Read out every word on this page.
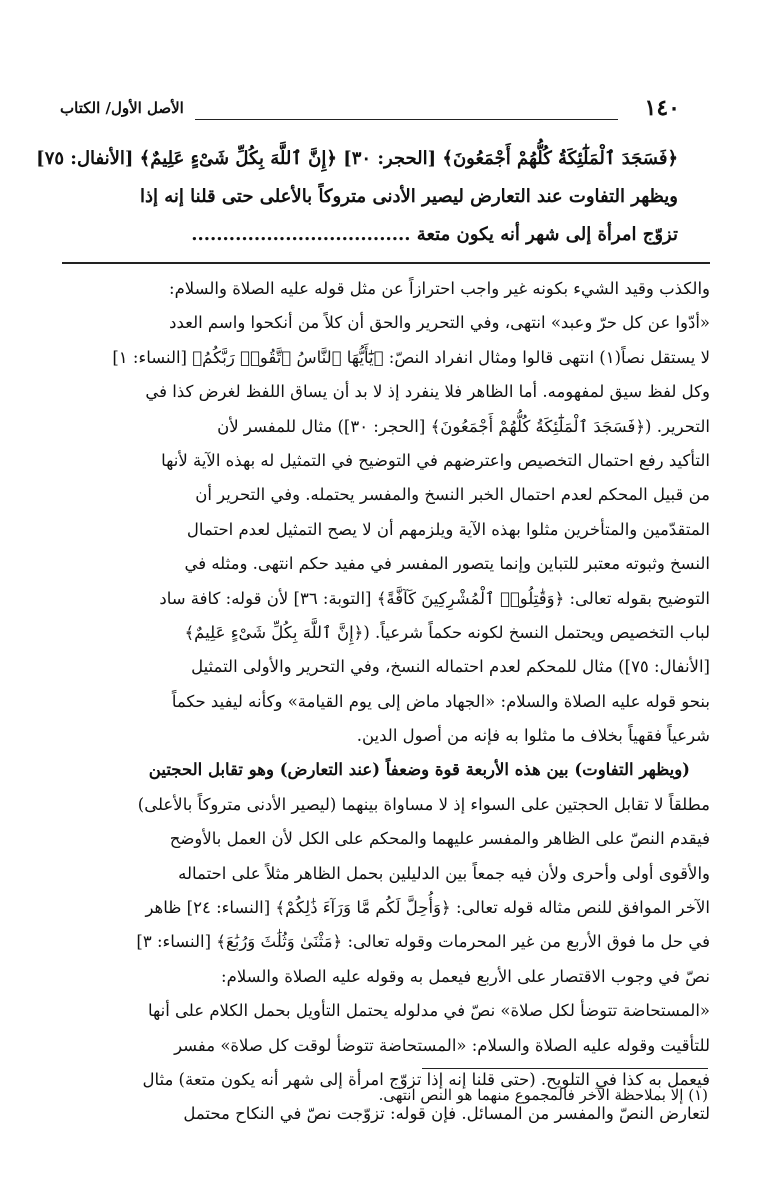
١٤٠
الأصل الأول/ الكتاب
﴿فَسَجَدَ ٱلْمَلَٰٓئِكَةُ كُلُّهُمْ أَجْمَعُونَ﴾ [الحجر: ٣٠] ﴿إِنَّ ٱللَّهَ بِكُلِّ شَىْءٍ عَلِيمٌ﴾ [الأنفال: ٧٥]
ويظهر التفاوت عند التعارض ليصير الأدنى متروكاً بالأعلى حتى قلنا إنه إذا
تزوّج امرأة إلى شهر أنه يكون متعة ...................................
والكذب وقيد الشيء بكونه غير واجب احترازاً عن مثل قوله عليه الصلاة والسلام:
«أدّوا عن كل حرّ وعبد» انتهى، وفي التحرير والحق أن كلاً من أنكحوا واسم العدد
لا يستقل نصاً(١) انتهى قالوا ومثال انفراد النصّ: ﴿يَٰٓأَيُّهَا ٱلنَّاسُ ٱتَّقُوا۟ رَبَّكُمُ﴾ [النساء: ١]
وكل لفظ سيق لمفهومه. أما الظاهر فلا ينفرد إذ لا بد أن يساق اللفظ لغرض كذا في
التحرير. (﴿فَسَجَدَ ٱلْمَلَٰٓئِكَةُ كُلُّهُمْ أَجْمَعُونَ﴾ [الحجر: ٣٠]) مثال للمفسر لأن
التأكيد رفع احتمال التخصيص واعترضهم في التوضيح في التمثيل له بهذه الآية لأنها
من قبيل المحكم لعدم احتمال الخبر النسخ والمفسر يحتمله. وفي التحرير أن
المتقدّمين والمتأخرين مثلوا بهذه الآية ويلزمهم أن لا يصح التمثيل لعدم احتمال
النسخ وثبوته معتبر للتباين وإنما يتصور المفسر في مفيد حكم انتهى. ومثله في
التوضيح بقوله تعالى: ﴿وَقَٰتِلُوا۟ ٱلْمُشْرِكِينَ كَآفَّةً﴾ [التوبة: ٣٦] لأن قوله: كافة ساد
لباب التخصيص ويحتمل النسخ لكونه حكماً شرعياً. (﴿إِنَّ ٱللَّهَ بِكُلِّ شَىْءٍ عَلِيمٌ﴾
[الأنفال: ٧٥]) مثال للمحكم لعدم احتماله النسخ، وفي التحرير والأولى التمثيل
بنحو قوله عليه الصلاة والسلام: «الجهاد ماض إلى يوم القيامة» وكأنه ليفيد حكماً
شرعياً فقهياً بخلاف ما مثلوا به فإنه من أصول الدين.
(ويظهر التفاوت) بين هذه الأربعة قوة وضعفاً (عند التعارض) وهو تقابل الحجتين
مطلقاً لا تقابل الحجتين على السواء إذ لا مساواة بينهما (ليصير الأدنى متروكاً بالأعلى)
فيقدم النصّ على الظاهر والمفسر عليهما والمحكم على الكل لأن العمل بالأوضح
والأقوى أولى وأحرى ولأن فيه جمعاً بين الدليلين بحمل الظاهر مثلاً على احتماله
الآخر الموافق للنص مثاله قوله تعالى: ﴿وَأُحِلَّ لَكُم مَّا وَرَآءَ ذَٰلِكُمْ﴾ [النساء: ٢٤] ظاهر
في حل ما فوق الأربع من غير المحرمات وقوله تعالى: ﴿مَثْنَىٰ وَثُلَٰثَ وَرُبَٰعَ﴾ [النساء: ٣]
نصّ في وجوب الاقتصار على الأربع فيعمل به وقوله عليه الصلاة والسلام:
«المستحاضة تتوضأ لكل صلاة» نصّ في مدلوله يحتمل التأويل بحمل الكلام على أنها
للتأقيت وقوله عليه الصلاة والسلام: «المستحاضة تتوضأ لوقت كل صلاة» مفسر
فيعمل به كذا في التلويح. (حتى قلنا إنه إذا تزوّج امرأة إلى شهر أنه يكون متعة) مثال
لتعارض النصّ والمفسر من المسائل. فإن قوله: تزوّجت نصّ في النكاح محتمل
(١) إلا بملاحظة الآخر فالمجموع منهما هو النص انتهى.
